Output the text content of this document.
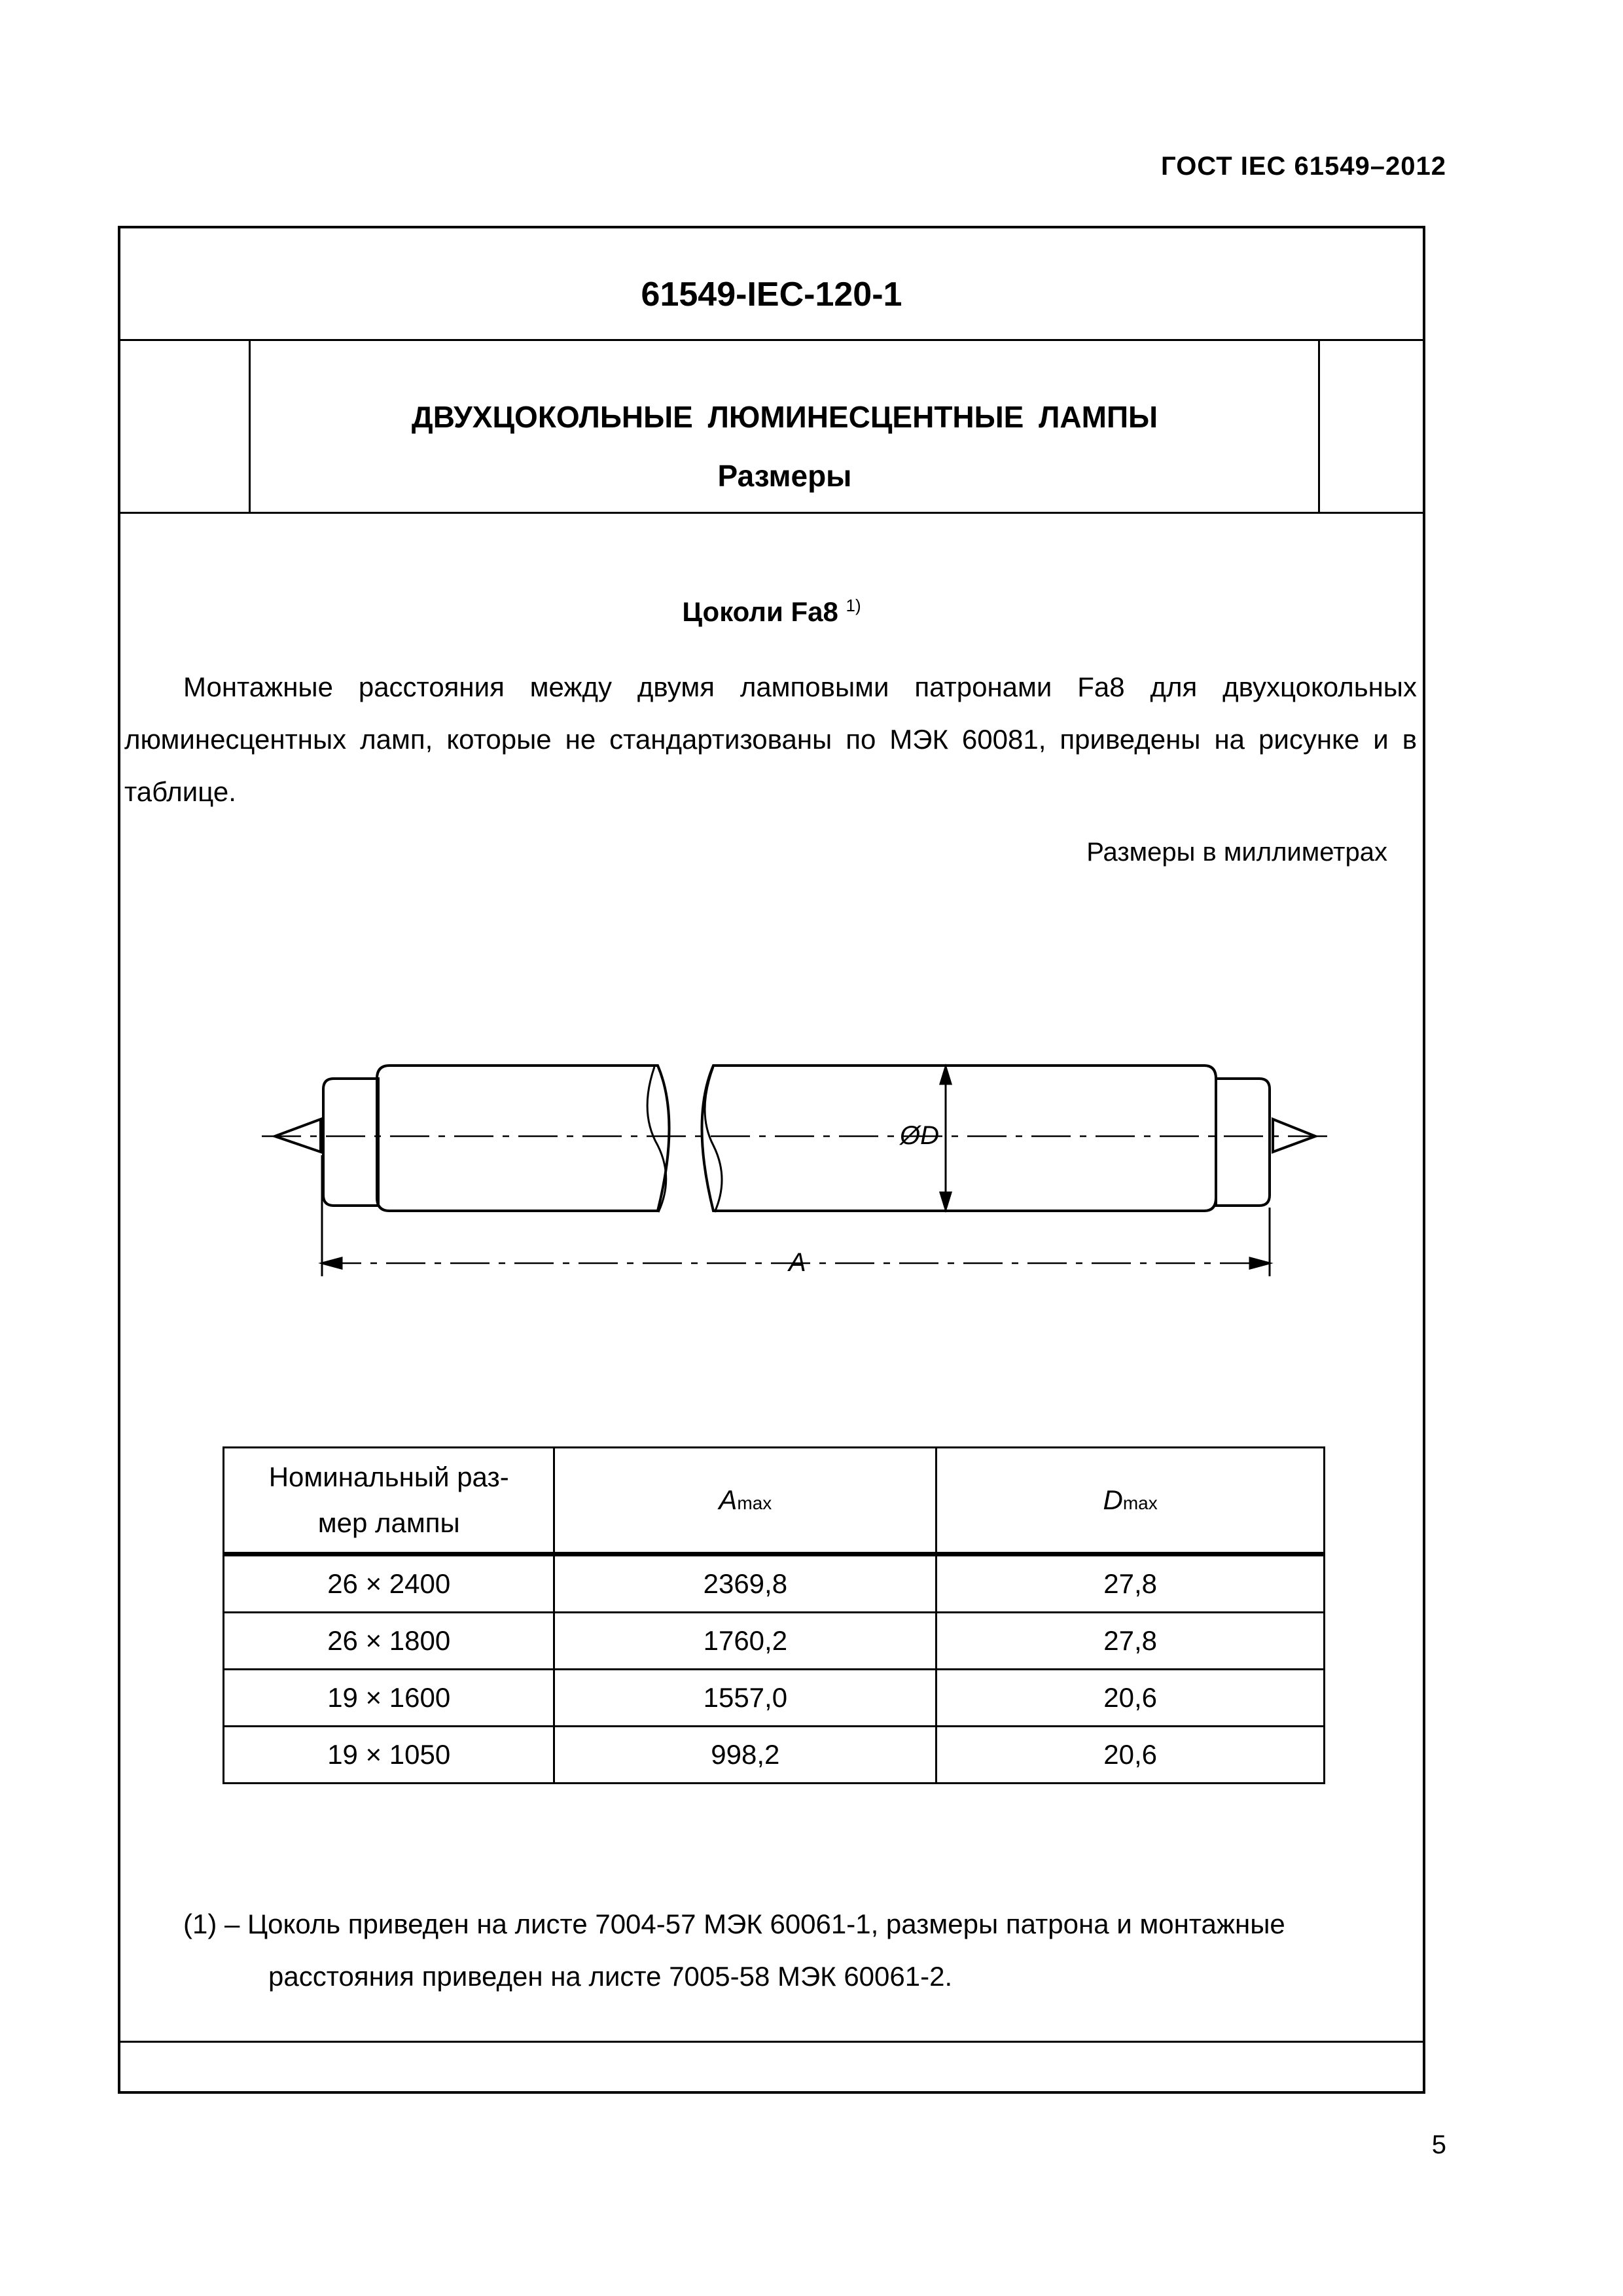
ГОСТ IEC 61549–2012
61549-IEC-120-1
ДВУХЦОКОЛЬНЫЕ ЛЮМИНЕСЦЕНТНЫЕ ЛАМПЫ
Размеры
Цоколи Fa8 $^{1)}$
Монтажные расстояния между двумя ламповыми патронами Fa8 для двухцокольных люминесцентных ламп, которые не стандартизованы по МЭК 60081, приведены на рисунке и в таблице.
Размеры в миллиметрах
ØD
A
Номинальный раз-
мер лампы	Amax	Dmax
26 × 2400	2369,8	27,8
26 × 1800	1760,2	27,8
19 × 1600	1557,0	20,6
19 × 1050	998,2	20,6
(1) – Цоколь приведен на листе 7004-57 МЭК 60061-1, размеры патрона и монтажные
расстояния приведен на листе 7005-58 МЭК 60061-2.
5
